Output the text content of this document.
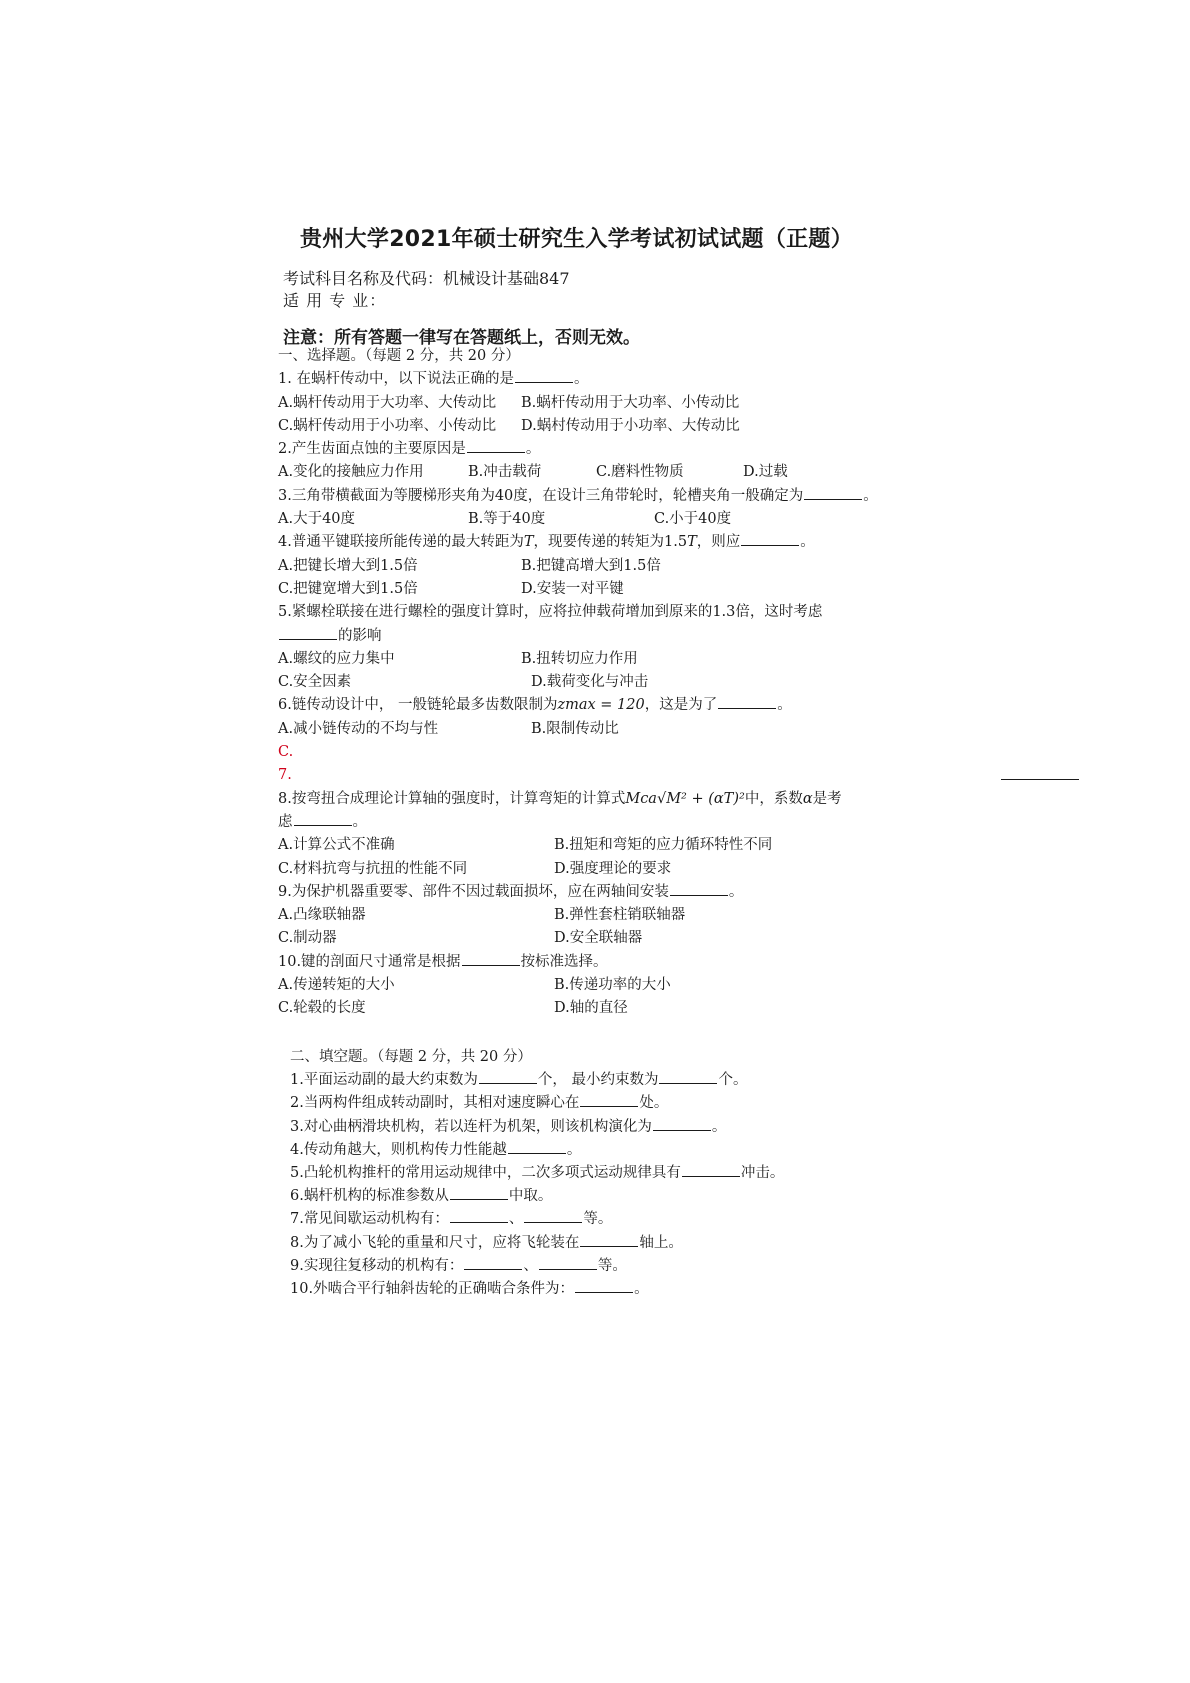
贵州大学2021年硕士研究生入学考试初试试题（正题）
考试科目名称及代码：机械设计基础847
适 用 专 业：
注意：所有答题一律写在答题纸上，否则无效。
一、选择题。（每题 2 分，共 20 分）
1. 在蜗杆传动中，以下说法正确的是	。
A.蜗杆传动用于大功率、大传动比 B.蜗杆传动用于大功率、小传动比
C.蜗杆传动用于小功率、小传动比 D.蜗村传动用于小功率、大传动比
2.产生齿面点蚀的主要原因是	。
A.变化的接触应力作用	B.冲击载荷	C.磨料性物质	D.过载
3.三角带横截面为等腰梯形夹角为40度，在设计三角带轮时，轮槽夹角一般确定为	。
A.大于40度	B.等于40度	C.小于40度
4.普通平键联接所能传递的最大转距为T，现要传递的转矩为1.5T，则应	。
A.把键长增大到1.5倍	B.把键高增大到1.5倍
C.把键宽增大到1.5倍	D.安装一对平键
5.紧螺栓联接在进行螺栓的强度计算时，应将拉伸载荷增加到原来的1.3倍，这时考虑
的影响
A.螺纹的应力集中	B.扭转切应力作用
C.安全因素	D.载荷变化与冲击
6.链传动设计中， 一般链轮最多齿数限制为zmax = 120，这是为了	。
A.减小链传动的不均与性	B.限制传动比
C.
7.
8.按弯扭合成理论计算轴的强度时，计算弯矩的计算式Mca√M² + (αT)²中，系数α是考
虑	。
A.计算公式不准确	B.扭矩和弯矩的应力循环特性不同
C.材料抗弯与抗扭的性能不同	D.强度理论的要求
9.为保护机器重要零、部件不因过载面损坏，应在两轴间安装	。
A.凸缘联轴器	B.弹性套柱销联轴器
C.制动器	D.安全联轴器
10.键的剖面尺寸通常是根据	按标准选择。
A.传递转矩的大小	B.传递功率的大小
C.轮毂的长度	D.轴的直径
二、填空题。（每题 2 分，共 20 分）
1.平面运动副的最大约束数为	个， 最小约束数为	个。
2.当两构件组成转动副时，其相对速度瞬心在	处。
3.对心曲柄滑块机构，若以连杆为机架，则该机构演化为	。
4.传动角越大，则机构传力性能越	。
5.凸轮机构推杆的常用运动规律中，二次多项式运动规律具有	冲击。
6.蜗杆机构的标准参数从	中取。
7.常见间歇运动机构有：	、	等。
8.为了减小飞轮的重量和尺寸，应将飞轮装在	轴上。
9.实现往复移动的机构有：	、	等。
10.外啮合平行轴斜齿轮的正确啮合条件为：	。
